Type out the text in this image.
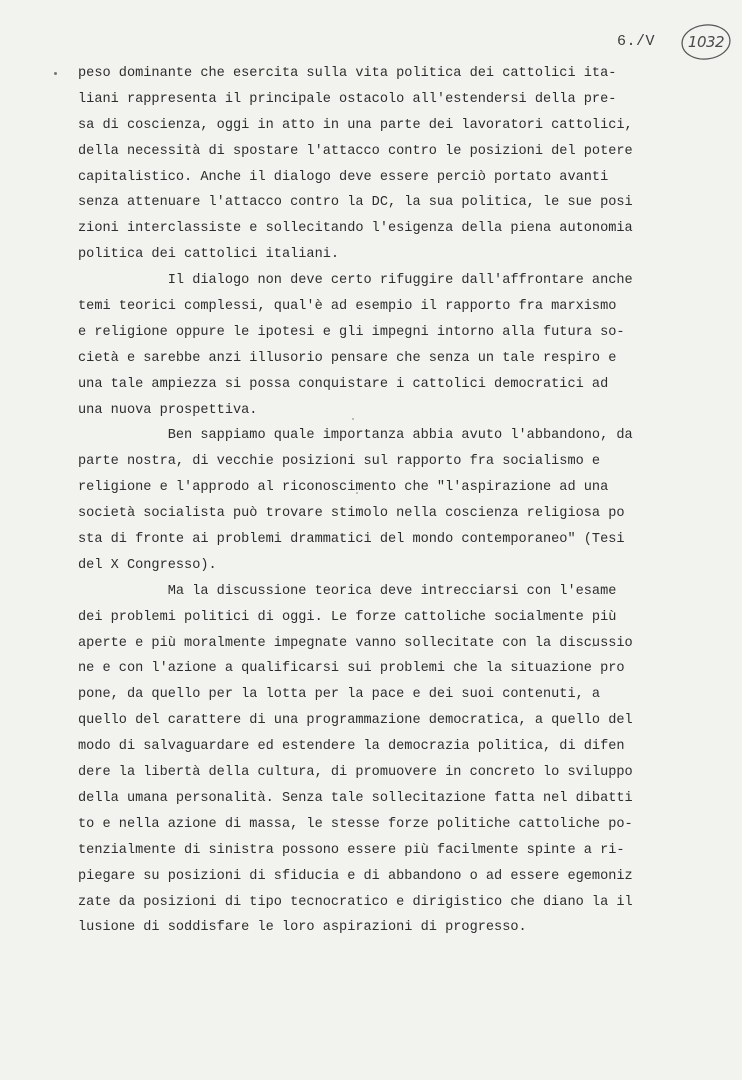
6./V	1032
peso dominante che esercita sulla vita politica dei cattolici ita-
liani rappresenta il principale ostacolo all'estendersi della pre-
sa di coscienza, oggi in atto in una parte dei lavoratori cattolici,
della necessità di spostare l'attacco contro le posizioni del potere
capitalistico. Anche il dialogo deve essere perciò portato avanti
senza attenuare l'attacco contro la DC, la sua politica, le sue posi
zioni interclassiste e sollecitando l'esigenza della piena autonomia
politica dei cattolici italiani.
Il dialogo non deve certo rifuggire dall'affrontare anche
temi teorici complessi, qual'è ad esempio il rapporto fra marxismo
e religione oppure le ipotesi e gli impegni intorno alla futura so-
cietà e sarebbe anzi illusorio pensare che senza un tale respiro e
una tale ampiezza si possa conquistare i cattolici democratici ad
una nuova prospettiva.
Ben sappiamo quale importanza abbia avuto l'abbandono, da
parte nostra, di vecchie posizioni sul rapporto fra socialismo e
religione e l'approdo al riconoscimento che "l'aspirazione ad una
società socialista può trovare stimolo nella coscienza religiosa po
sta di fronte ai problemi drammatici del mondo contemporaneo" (Tesi
del X Congresso).
Ma la discussione teorica deve intrecciarsi con l'esame
dei problemi politici di oggi. Le forze cattoliche socialmente più
aperte e più moralmente impegnate vanno sollecitate con la discussio
ne e con l'azione a qualificarsi sui problemi che la situazione pro
pone, da quello per la lotta per la pace e dei suoi contenuti, a
quello del carattere di una programmazione democratica, a quello del
modo di salvaguardare ed estendere la democrazia politica, di difen
dere la libertà della cultura, di promuovere in concreto lo sviluppo
della umana personalità. Senza tale sollecitazione fatta nel dibatti
to e nella azione di massa, le stesse forze politiche cattoliche po-
tenzialmente di sinistra possono essere più facilmente spinte a ri-
piegare su posizioni di sfiducia e di abbandono o ad essere egemoniz
zate da posizioni di tipo tecnocratico e dirigistico che diano la il
lusione di soddisfare le loro aspirazioni di progresso.
